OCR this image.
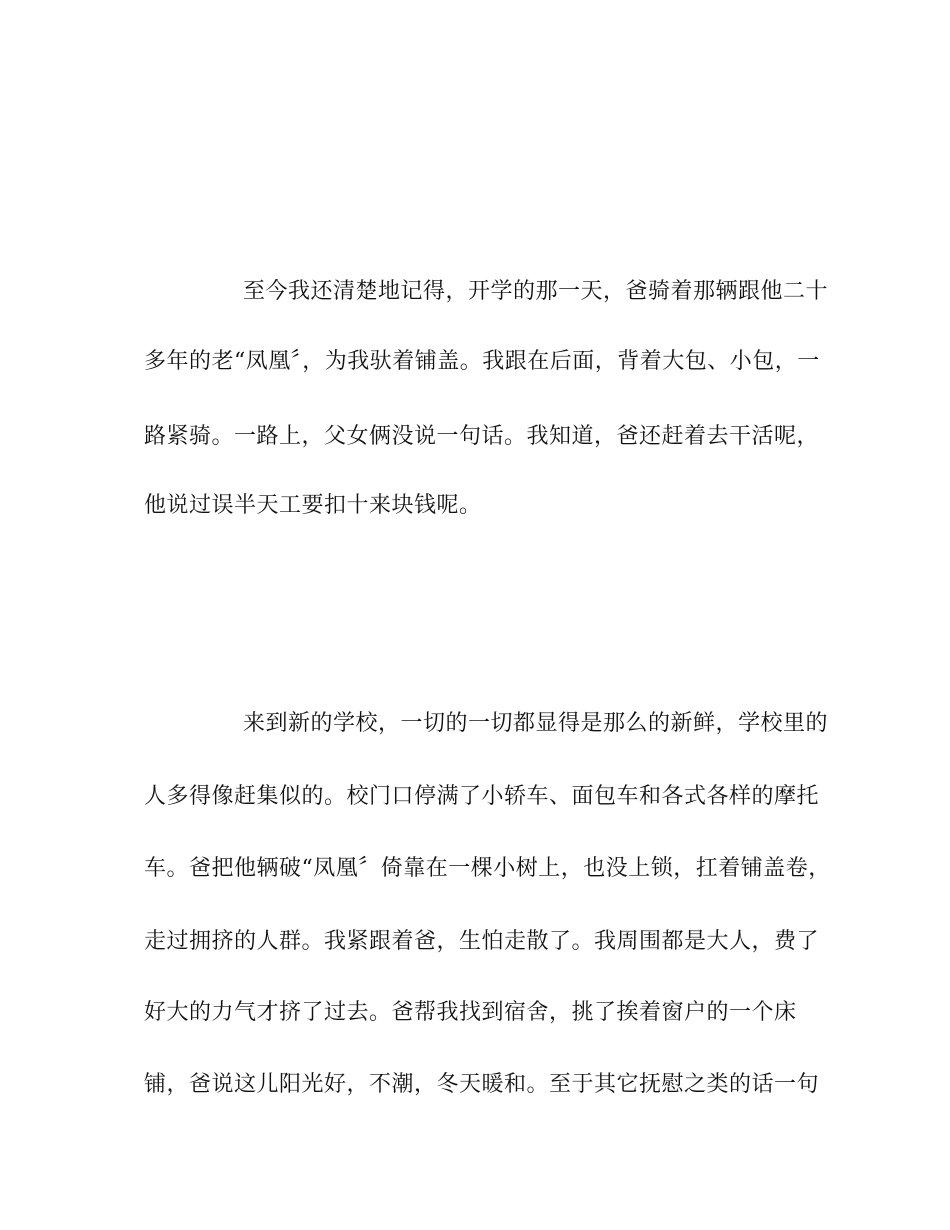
至今我还清楚地记得，开学的那一天，爸骑着那辆跟他二十
多年的老“凤凰〞，为我驮着铺盖。我跟在后面，背着大包、小包，一
路紧骑。一路上，父女俩没说一句话。我知道，爸还赶着去干活呢，
他说过误半天工要扣十来块钱呢。
来到新的学校，一切的一切都显得是那么的新鲜，学校里的
人多得像赶集似的。校门口停满了小轿车、面包车和各式各样的摩托
车。爸把他辆破“凤凰〞倚靠在一棵小树上，也没上锁，扛着铺盖卷，
走过拥挤的人群。我紧跟着爸，生怕走散了。我周围都是大人，费了
好大的力气才挤了过去。爸帮我找到宿舍，挑了挨着窗户的一个床
铺，爸说这儿阳光好，不潮，冬天暖和。至于其它抚慰之类的话一句
